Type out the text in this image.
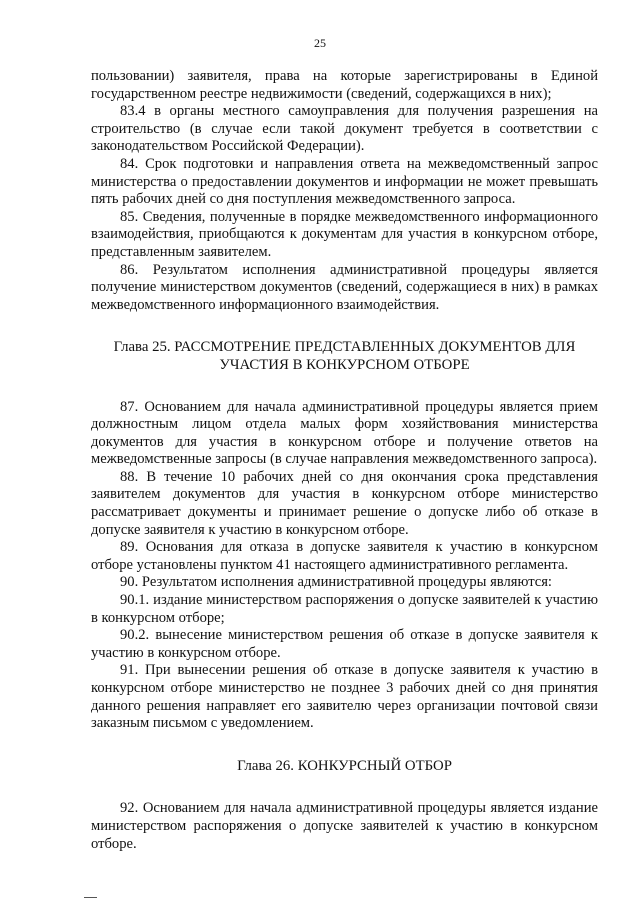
25

пользовании) заявителя, права на которые зарегистрированы в Единой государственном реестре недвижимости (сведений, содержащихся в них);

83.4 в органы местного самоуправления для получения разрешения на строительство (в случае если такой документ требуется в соответствии с законодательством Российской Федерации).

84. Срок подготовки и направления ответа на межведомственный запрос министерства о предоставлении документов и информации не может превышать пять рабочих дней со дня поступления межведомственного запроса.

85. Сведения, полученные в порядке межведомственного информационного взаимодействия, приобщаются к документам для участия в конкурсном отборе, представленным заявителем.

86. Результатом исполнения административной процедуры является получение министерством документов (сведений, содержащиеся в них) в рамках межведомственного информационного взаимодействия.

Глава 25. РАССМОТРЕНИЕ ПРЕДСТАВЛЕННЫХ ДОКУМЕНТОВ ДЛЯ УЧАСТИЯ В КОНКУРСНОМ ОТБОРЕ

87. Основанием для начала административной процедуры является прием должностным лицом отдела малых форм хозяйствования министерства документов для участия в конкурсном отборе и получение ответов на межведомственные запросы (в случае направления межведомственного запроса).

88. В течение 10 рабочих дней со дня окончания срока представления заявителем документов для участия в конкурсном отборе министерство рассматривает документы и принимает решение о допуске либо об отказе в допуске заявителя к участию в конкурсном отборе.

89. Основания для отказа в допуске заявителя к участию в конкурсном отборе установлены пунктом 41 настоящего административного регламента.

90. Результатом исполнения административной процедуры являются:

90.1. издание министерством распоряжения о допуске заявителей к участию в конкурсном отборе;

90.2. вынесение министерством решения об отказе в допуске заявителя к участию в конкурсном отборе.

91. При вынесении решения об отказе в допуске заявителя к участию в конкурсном отборе министерство не позднее 3 рабочих дней со дня принятия данного решения направляет его заявителю через организации почтовой связи заказным письмом с уведомлением.

Глава 26. КОНКУРСНЫЙ ОТБОР

92. Основанием для начала административной процедуры является издание министерством распоряжения о допуске заявителей к участию в конкурсном отборе.
